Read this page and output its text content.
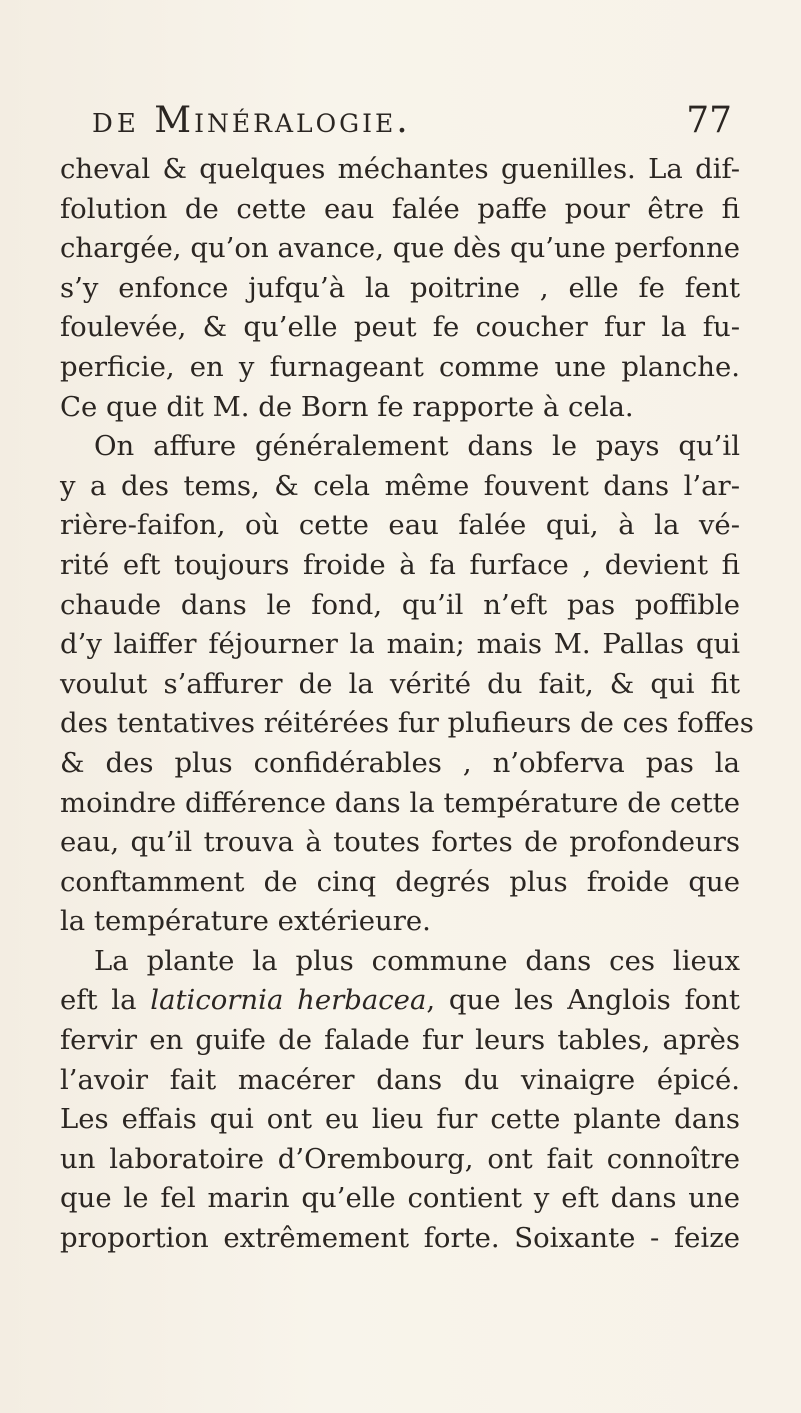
DE Minéralogie.	77
cheval & quelques méchantes guenilles. La dif-
folution de cette eau falée paffe pour être fi
chargée, qu’on avance, que dès qu’une perfonne
s’y enfonce jufqu’à la poitrine , elle fe fent
foulevée, & qu’elle peut fe coucher fur la fu-
perficie, en y furnageant comme une planche.
Ce que dit M. de Born fe rapporte à cela.
On affure généralement dans le pays qu’il
y a des tems, & cela même fouvent dans l’ar-
rière-faifon, où cette eau falée qui, à la vé-
rité eft toujours froide à fa furface , devient fi
chaude dans le fond, qu’il n’eft pas poffible
d’y laiffer féjourner la main; mais M. Pallas qui
voulut s’affurer de la vérité du fait, & qui fit
des tentatives réitérées fur plufieurs de ces foffes
& des plus confidérables , n’obferva pas la
moindre différence dans la température de cette
eau, qu’il trouva à toutes fortes de profondeurs
conftamment de cinq degrés plus froide que
la température extérieure.
La plante la plus commune dans ces lieux
eft la laticornia herbacea, que les Anglois font
fervir en guife de falade fur leurs tables, après
l’avoir fait macérer dans du vinaigre épicé.
Les effais qui ont eu lieu fur cette plante dans
un laboratoire d’Orembourg, ont fait connoître
que le fel marin qu’elle contient y eft dans une
proportion extrêmement forte. Soixante - feize
